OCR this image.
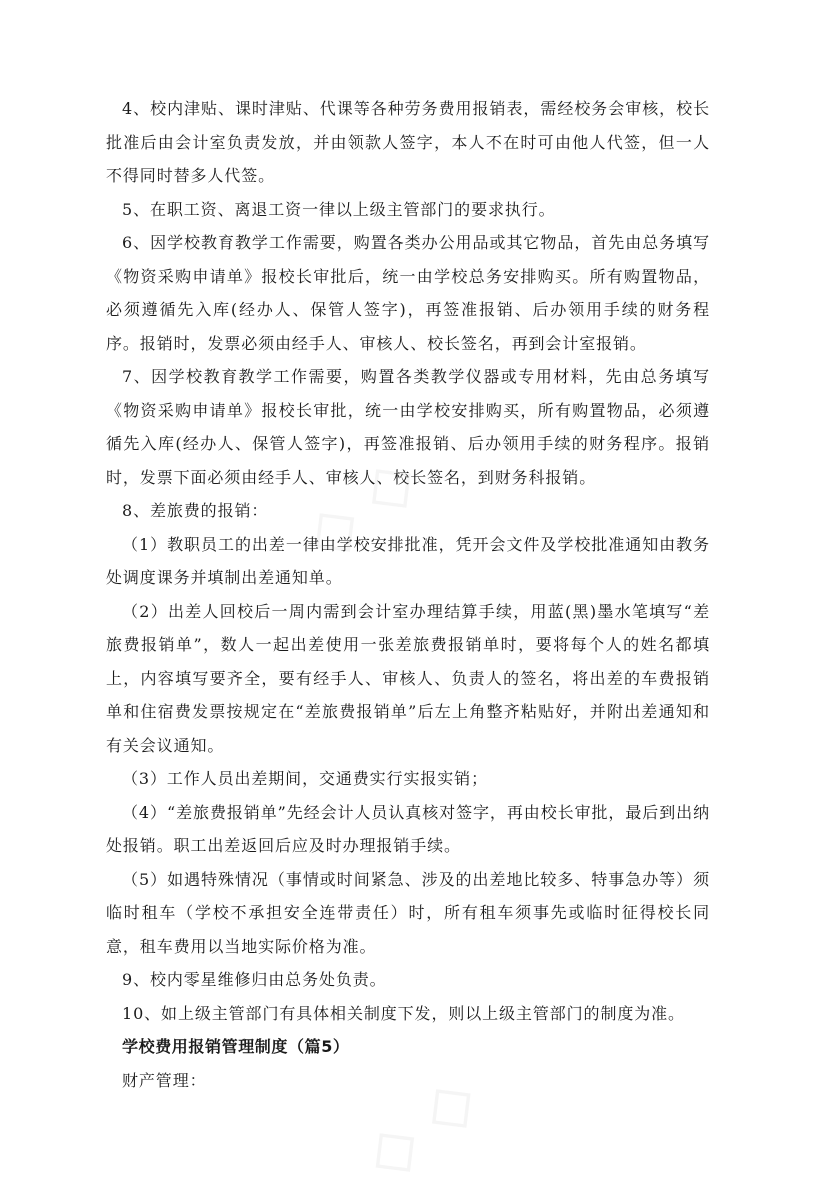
4、校内津贴、课时津贴、代课等各种劳务费用报销表，需经校务会审核，校长批准后由会计室负责发放，并由领款人签字，本人不在时可由他人代签，但一人不得同时替多人代签。

5、在职工资、离退工资一律以上级主管部门的要求执行。

6、因学校教育教学工作需要，购置各类办公用品或其它物品，首先由总务填写《物资采购申请单》报校长审批后，统一由学校总务安排购买。所有购置物品，必须遵循先入库(经办人、保管人签字)，再签准报销、后办领用手续的财务程序。报销时，发票必须由经手人、审核人、校长签名，再到会计室报销。

7、因学校教育教学工作需要，购置各类教学仪器或专用材料，先由总务填写《物资采购申请单》报校长审批，统一由学校安排购买，所有购置物品，必须遵循先入库(经办人、保管人签字)，再签准报销、后办领用手续的财务程序。报销时，发票下面必须由经手人、审核人、校长签名，到财务科报销。

8、差旅费的报销：

（1）教职员工的出差一律由学校安排批准，凭开会文件及学校批准通知由教务处调度课务并填制出差通知单。

（2）出差人回校后一周内需到会计室办理结算手续，用蓝(黑)墨水笔填写“差旅费报销单”，数人一起出差使用一张差旅费报销单时，要将每个人的姓名都填上，内容填写要齐全，要有经手人、审核人、负责人的签名，将出差的车费报销单和住宿费发票按规定在“差旅费报销单”后左上角整齐粘贴好，并附出差通知和有关会议通知。

（3）工作人员出差期间，交通费实行实报实销；

（4）“差旅费报销单”先经会计人员认真核对签字，再由校长审批，最后到出纳处报销。职工出差返回后应及时办理报销手续。

（5）如遇特殊情况（事情或时间紧急、涉及的出差地比较多、特事急办等）须临时租车（学校不承担安全连带责任）时，所有租车须事先或临时征得校长同意，租车费用以当地实际价格为准。

9、校内零星维修归由总务处负责。

10、如上级主管部门有具体相关制度下发，则以上级主管部门的制度为准。

学校费用报销管理制度（篇5）

财产管理：

◇ ◇
◇ ◇
